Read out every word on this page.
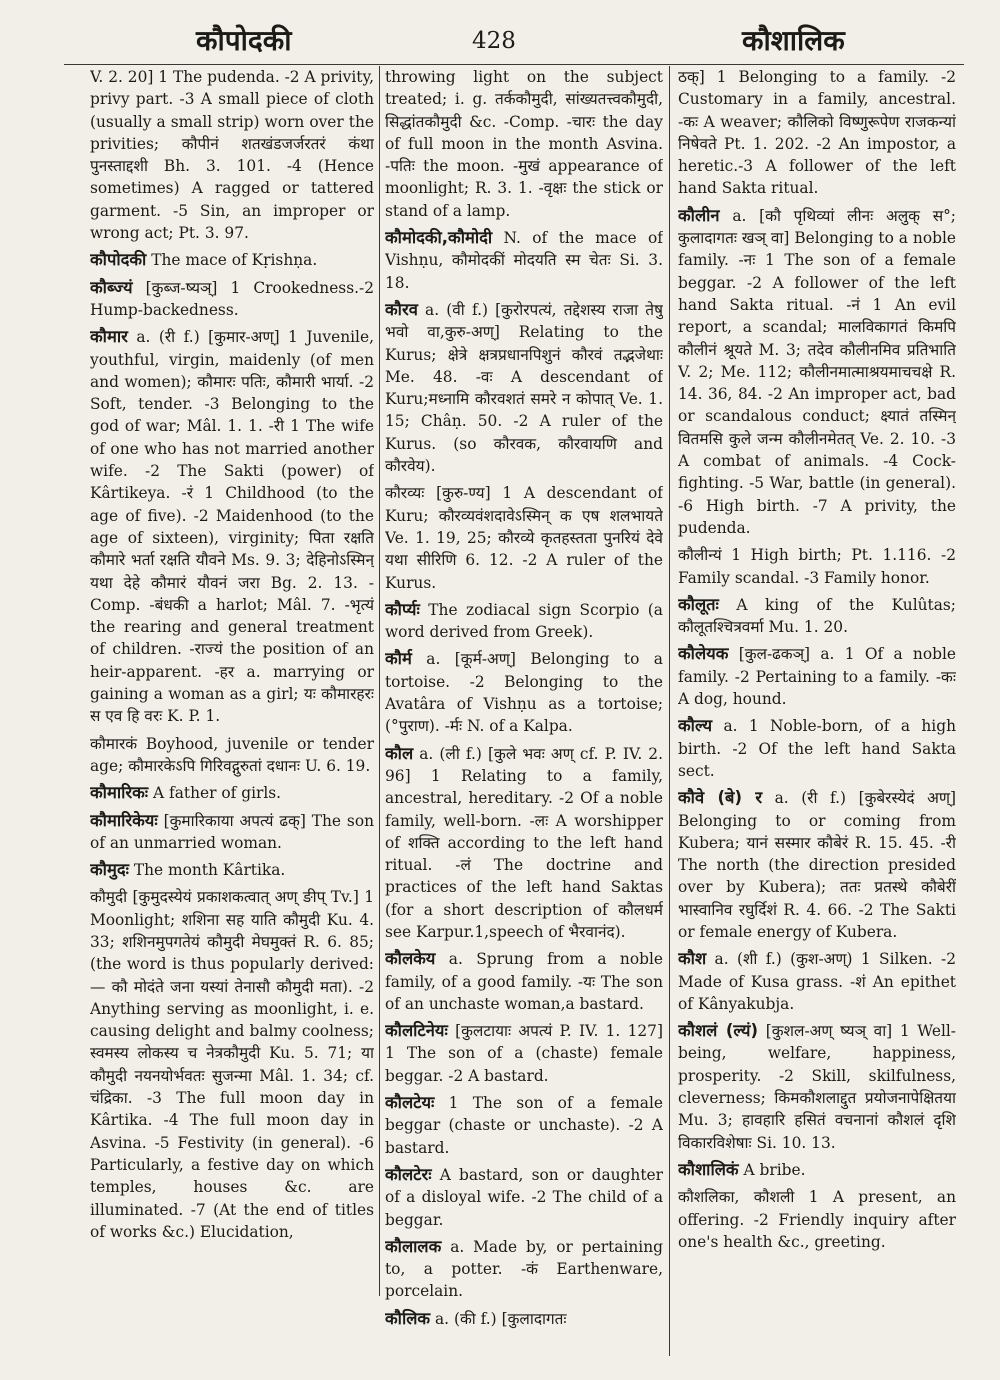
कौपोदकी	428	कौशालिक

V. 2. 20] 1 The pudenda. -2 A privity, privy part. -3 A small piece of cloth (usually a small strip) worn over the privities; कौपीनं शतखंडजर्जरतरं कंथा पुनस्ताद्दशी Bh. 3. 101. -4 (Hence sometimes) A ragged or tattered garment. -5 Sin, an improper or wrong act; Pt. 3. 97.

कौपोदकी The mace of Kṛishṇa.

कौब्ज्यं [कुब्ज-ष्यञ्] 1 Crookedness.-2 Hump-backedness.

कौमार a. (री f.) [कुमार-अण्] 1 Juvenile, youthful, virgin, maidenly (of men and women); कौमारः पतिः, कौमारी भार्या. -2 Soft, tender. -3 Belonging to the god of war; Mâl. 1. 1. -री 1 The wife of one who has not married another wife. -2 The Sakti (power) of Kârtikeya. -रं 1 Childhood (to the age of five). -2 Maidenhood (to the age of sixteen), virginity; पिता रक्षति कौमारे भर्ता रक्षति यौवने Ms. 9. 3; देहिनोऽस्मिन् यथा देहे कौमारं यौवनं जरा Bg. 2. 13. -Comp. -बंधकी a harlot; Mâl. 7. -भृत्यं the rearing and general treatment of children. -राज्यं the position of an heir-apparent. -हर a. marrying or gaining a woman as a girl; यः कौमारहरः स एव हि वरः K. P. 1.

कौमारकं Boyhood, juvenile or tender age; कौमारकेऽपि गिरिवद्गुरुतां दधानः U. 6. 19.

कौमारिकः A father of girls.

कौमारिकेयः [कुमारिकाया अपत्यं ढक्] The son of an unmarried woman.

कौमुदः The month Kârtika.

कौमुदी [कुमुदस्येयं प्रकाशकत्वात् अण् ङीप् Tv.] 1 Moonlight; शशिना सह याति कौमुदी Ku. 4. 33; शशिनमुपगतेयं कौमुदी मेघमुक्तं R. 6. 85; (the word is thus popularly derived:— कौ मोदंते जना यस्यां तेनासौ कौमुदी मता). -2 Anything serving as moonlight, i. e. causing delight and balmy coolness; स्वमस्य लोकस्य च नेत्रकौमुदी Ku. 5. 71; या कौमुदी नयनयोर्भवतः सुजन्मा Mâl. 1. 34; cf. चंद्रिका. -3 The full moon day in Kârtika. -4 The full moon day in Asvina. -5 Festivity (in general). -6 Particularly, a festive day on which temples, houses &c. are illuminated. -7 (At the end of titles of works &c.) Elucidation,

throwing light on the subject treated; i. g. तर्ककौमुदी, सांख्यतत्त्वकौमुदी, सिद्धांतकौमुदी &c. -Comp. -चारः the day of full moon in the month Asvina. -पतिः the moon. -मुखं appearance of moonlight; R. 3. 1. -वृक्षः the stick or stand of a lamp.

कौमोदकी,कौमोदी N. of the mace of Vishṇu, कौमोदकीं मोदयति स्म चेतः Si. 3. 18.

कौरव a. (वी f.) [कुरोरपत्यं, तद्देशस्य राजा तेषु भवो वा,कुरु-अण्] Relating to the Kurus; क्षेत्रे क्षत्रप्रधानपिशुनं कौरवं तद्भजेथाः Me. 48. -वः A descendant of Kuru;मध्नामि कौरवशतं समरे न कोपात् Ve. 1. 15; Châṇ. 50. -2 A ruler of the Kurus. (so कौरवक, कौरवायणि and कौरवेय).

कौरव्यः [कुरु-ण्य] 1 A descendant of Kuru; कौरव्यवंशदावेऽस्मिन् क एष शलभायते Ve. 1. 19, 25; कौरव्ये कृतहस्तता पुनरियं देवे यथा सीरिणि 6. 12. -2 A ruler of the Kurus.

कौर्प्यः The zodiacal sign Scorpio (a word derived from Greek).

कौर्म a. [कूर्म-अण्] Belonging to a tortoise. -2 Belonging to the Avatâra of Vishṇu as a tortoise; (°पुराण). -र्मः N. of a Kalpa.

कौल a. (ली f.) [कुले भवः अण् cf. P. IV. 2. 96] 1 Relating to a family, ancestral, hereditary. -2 Of a noble family, well-born. -लः A worshipper of शक्ति according to the left hand ritual. -लं The doctrine and practices of the left hand Saktas (for a short description of कौलधर्म see Karpur.1,speech of भैरवानंद).

कौलकेय a. Sprung from a noble family, of a good family. -यः The son of an unchaste woman,a bastard.

कौलटिनेयः [कुलटायाः अपत्यं P. IV. 1. 127] 1 The son of a (chaste) female beggar. -2 A bastard.

कौलटेयः 1 The son of a female beggar (chaste or unchaste). -2 A bastard.

कौलटेरः A bastard, son or daughter of a disloyal wife. -2 The child of a beggar.

कौलालक a. Made by, or pertaining to, a potter. -कं Earthenware, porcelain.

कौलिक a. (की f.) [कुलादागतः

ठक्] 1 Belonging to a family. -2 Customary in a family, ancestral. -कः A weaver; कौलिको विष्णुरूपेण राजकन्यां निषेवते Pt. 1. 202. -2 An impostor, a heretic.-3 A follower of the left hand Sakta ritual.

कौलीन a. [कौ पृथिव्यां लीनः अलुक् स°; कुलादागतः खञ् वा] Belonging to a noble family. -नः 1 The son of a female beggar. -2 A follower of the left hand Sakta ritual. -नं 1 An evil report, a scandal; मालविकागतं किमपि कौलीनं श्रूयते M. 3; तदेव कौलीनमिव प्रतिभाति V. 2; Me. 112; कौलीनमात्माश्रयमाचचक्षे R. 14. 36, 84. -2 An improper act, bad or scandalous conduct; क्ष्यातं तस्मिन् वितमसि कुले जन्म कौलीनमेतत् Ve. 2. 10. -3 A combat of animals. -4 Cock-fighting. -5 War, battle (in general). -6 High birth. -7 A privity, the pudenda.

कौलीन्यं 1 High birth; Pt. 1.116. -2 Family scandal. -3 Family honor.

कौलूतः A king of the Kulûtas; कौलूतश्चित्रवर्मा Mu. 1. 20.

कौलेयक [कुल-ढकञ्] a. 1 Of a noble family. -2 Pertaining to a family. -कः A dog, hound.

कौल्य a. 1 Noble-born, of a high birth. -2 Of the left hand Sakta sect.

कौवे (बे) र a. (री f.) [कुबेरस्येदं अण्] Belonging to or coming from Kubera; यानं सस्मार कौबेरं R. 15. 45. -री The north (the direction presided over by Kubera); ततः प्रतस्थे कौबेरीं भास्वानिव रघुर्दिशं R. 4. 66. -2 The Sakti or female energy of Kubera.

कौश a. (शी f.) (कुश-अण्) 1 Silken. -2 Made of Kusa grass. -शं An epithet of Kânyakubja.

कौशलं (ल्यं) [कुशल-अण् ष्यञ् वा] 1 Well-being, welfare, happiness, prosperity. -2 Skill, skilfulness, cleverness; किमकौशलाद्दुत प्रयोजनापेक्षितया Mu. 3; हावहारि हसितं वचनानां कौशलं दृशि विकारविशेषाः Si. 10. 13.

कौशालिकं A bribe.

कौशलिका, कौशली 1 A present, an offering. -2 Friendly inquiry after one's health &c., greeting.
